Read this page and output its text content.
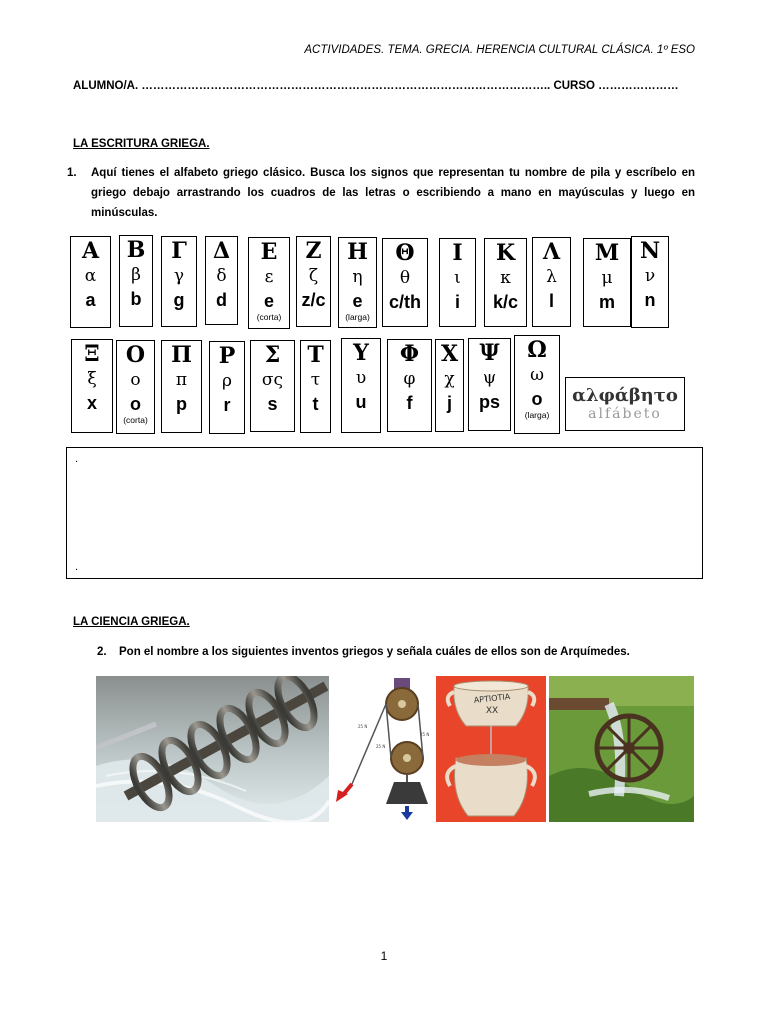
ACTIVIDADES. TEMA. GRECIA. HERENCIA CULTURAL CLÁSICA. 1º ESO
ALUMNO/A. …………………………………………………………………………………………….. CURSO …………………
LA ESCRITURA GRIEGA.
1.	Aquí tienes el alfabeto griego clásico. Busca los signos que representan tu nombre de pila y escríbelo en griego debajo arrastrando los cuadros de las letras o escribiendo a mano en mayúsculas y luego en minúsculas.
Α
α
a
Β
β
b
Γ
γ
g
Δ
δ
d
Ε
ε
e
(corta)
Ζ
ζ
z/c
Η
η
e
(larga)
Θ
θ
c/th
Ι
ι
i
Κ
κ
k/c
Λ
λ
l
Μ
μ
m
Ν
ν
n
Ξ
ξ
x
Ο
ο
o
(corta)
Π
π
p
Ρ
ρ
r
Σ
σς
s
Τ
τ
t
Υ
υ
u
Φ
φ
f
Χ
χ
j
Ψ
ψ
ps
Ω
ω
o
(larga)
αλφάβητο
alfábeto
.
.
LA CIENCIA GRIEGA.
2.	Pon el nombre a los siguientes inventos griegos y señala cuáles de ellos son de Arquímedes.
25 N
25 N
25 N
ΑΡΤΙΟΤΙΑ
XX
1
